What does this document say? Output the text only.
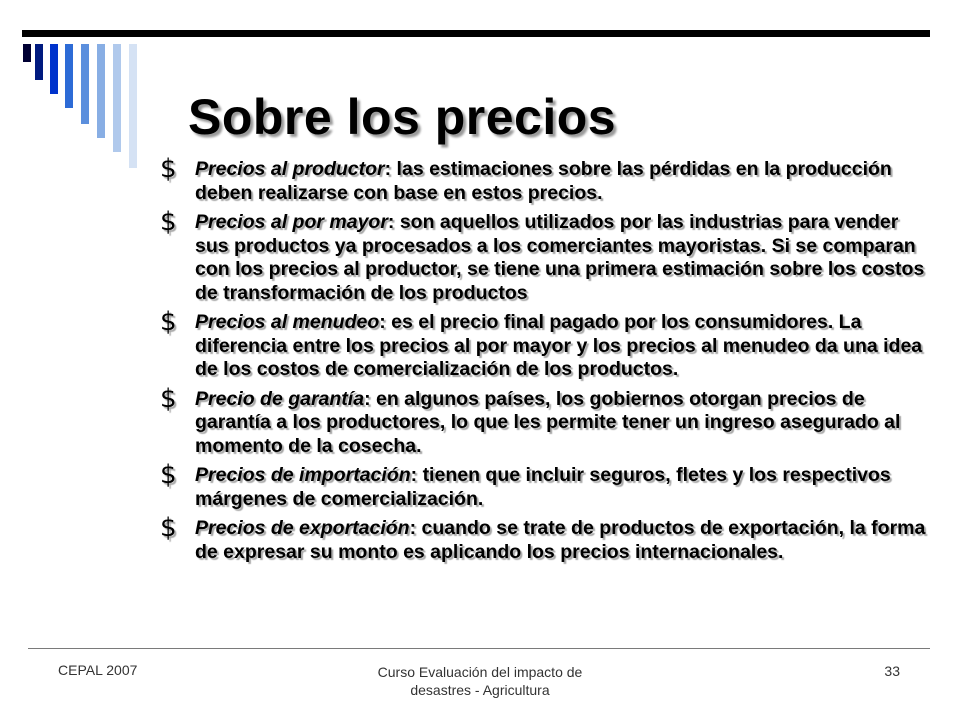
Sobre los precios
$ Precios al productor: las estimaciones sobre las pérdidas en la producción deben realizarse con base en estos precios.
$ Precios al por mayor: son aquellos utilizados por las industrias para vender sus productos ya procesados a los comerciantes mayoristas. Si se comparan con los precios al productor, se tiene una primera estimación sobre los costos de transformación de los productos
$ Precios al menudeo: es el precio final pagado por los consumidores. La diferencia entre los precios al por mayor y los precios al menudeo da una idea de los costos de comercialización de los productos.
$ Precio de garantía: en algunos países, los gobiernos otorgan precios de garantía a los productores, lo que les permite tener un ingreso asegurado al momento de la cosecha.
$ Precios de importación: tienen que incluir seguros, fletes y los respectivos márgenes de comercialización.
$ Precios de exportación: cuando se trate de productos de exportación, la forma de expresar su monto es aplicando los precios internacionales.
CEPAL 2007	Curso Evaluación del impacto de
desastres - Agricultura
33
